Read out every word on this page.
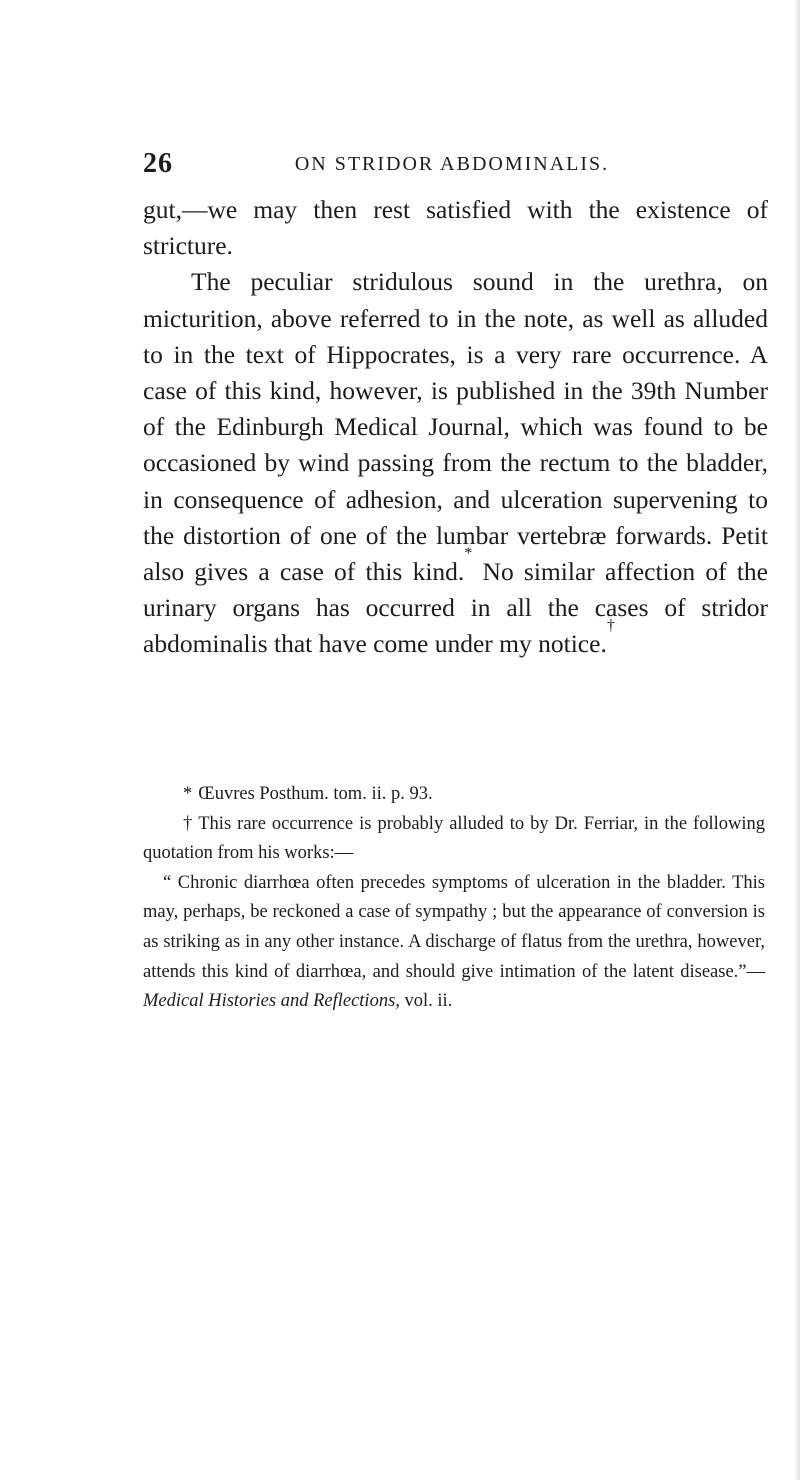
26	ON STRIDOR ABDOMINALIS.

gut,—we may then rest satisfied with the existence of stricture.

The peculiar stridulous sound in the urethra, on micturition, above referred to in the note, as well as alluded to in the text of Hippocrates, is a very rare occurrence. A case of this kind, however, is published in the 39th Number of the Edinburgh Medical Journal, which was found to be occasioned by wind passing from the rectum to the bladder, in consequence of adhesion, and ulceration supervening to the distortion of one of the lumbar vertebræ forwards. Petit also gives a case of this kind.* No similar affection of the urinary organs has occurred in all the cases of stridor abdominalis that have come under my notice.†

* Œuvres Posthum. tom. ii. p. 93.

† This rare occurrence is probably alluded to by Dr. Ferriar, in the following quotation from his works:—

“ Chronic diarrhœa often precedes symptoms of ulceration in the bladder. This may, perhaps, be reckoned a case of sympathy ; but the appearance of conversion is as striking as in any other instance. A discharge of flatus from the urethra, however, attends this kind of diarrhœa, and should give intimation of the latent disease.”—Medical Histories and Reflections, vol. ii.
